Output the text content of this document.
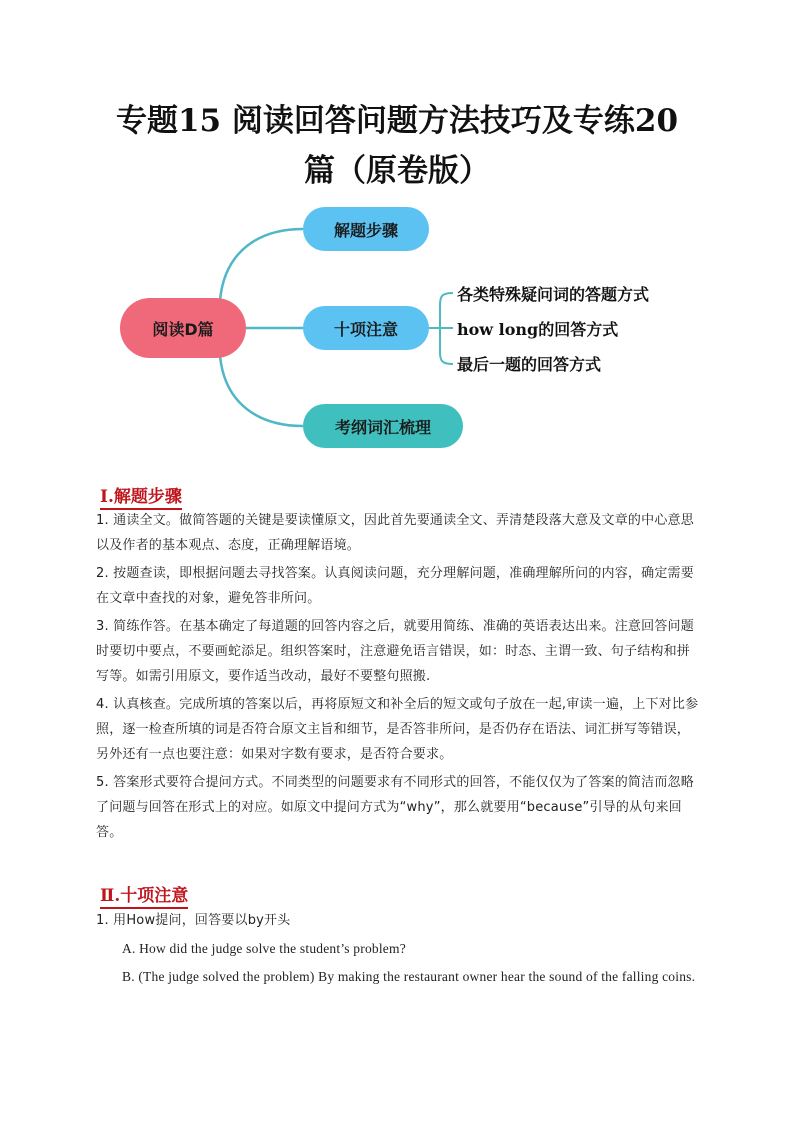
专题15 阅读回答问题方法技巧及专练20
篇（原卷版）
阅读D篇
解题步骤
十项注意
考纲词汇梳理
各类特殊疑问词的答题方式
how long的回答方式
最后一题的回答方式
Ⅰ.解题步骤

1. 通读全文。做简答题的关键是要读懂原文，因此首先要通读全文、弄清楚段落大意及文章的中心意思以及作者的基本观点、态度，正确理解语境。

2. 按题查读，即根据问题去寻找答案。认真阅读问题，充分理解问题，准确理解所问的内容，确定需要在文章中查找的对象，避免答非所问。

3. 简练作答。在基本确定了每道题的回答内容之后，就要用简练、准确的英语表达出来。注意回答问题时要切中要点，不要画蛇添足。组织答案时，注意避免语言错误，如：时态、主谓一致、句子结构和拼写等。如需引用原文，要作适当改动，最好不要整句照搬.

4. 认真核查。完成所填的答案以后，再将原短文和补全后的短文或句子放在一起,审读一遍，上下对比参照，逐一检查所填的词是否符合原文主旨和细节，是否答非所问，是否仍存在语法、词汇拼写等错误，另外还有一点也要注意：如果对字数有要求，是否符合要求。

5. 答案形式要符合提问方式。不同类型的问题要求有不同形式的回答，不能仅仅为了答案的简洁而忽略了问题与回答在形式上的对应。如原文中提问方式为“why”，那么就要用“because”引导的从句来回答。

Ⅱ.十项注意

1. 用How提问，回答要以by开头

A. How did the judge solve the student’s problem?

B. (The judge solved the problem) By making the restaurant owner hear the sound of the falling coins.
